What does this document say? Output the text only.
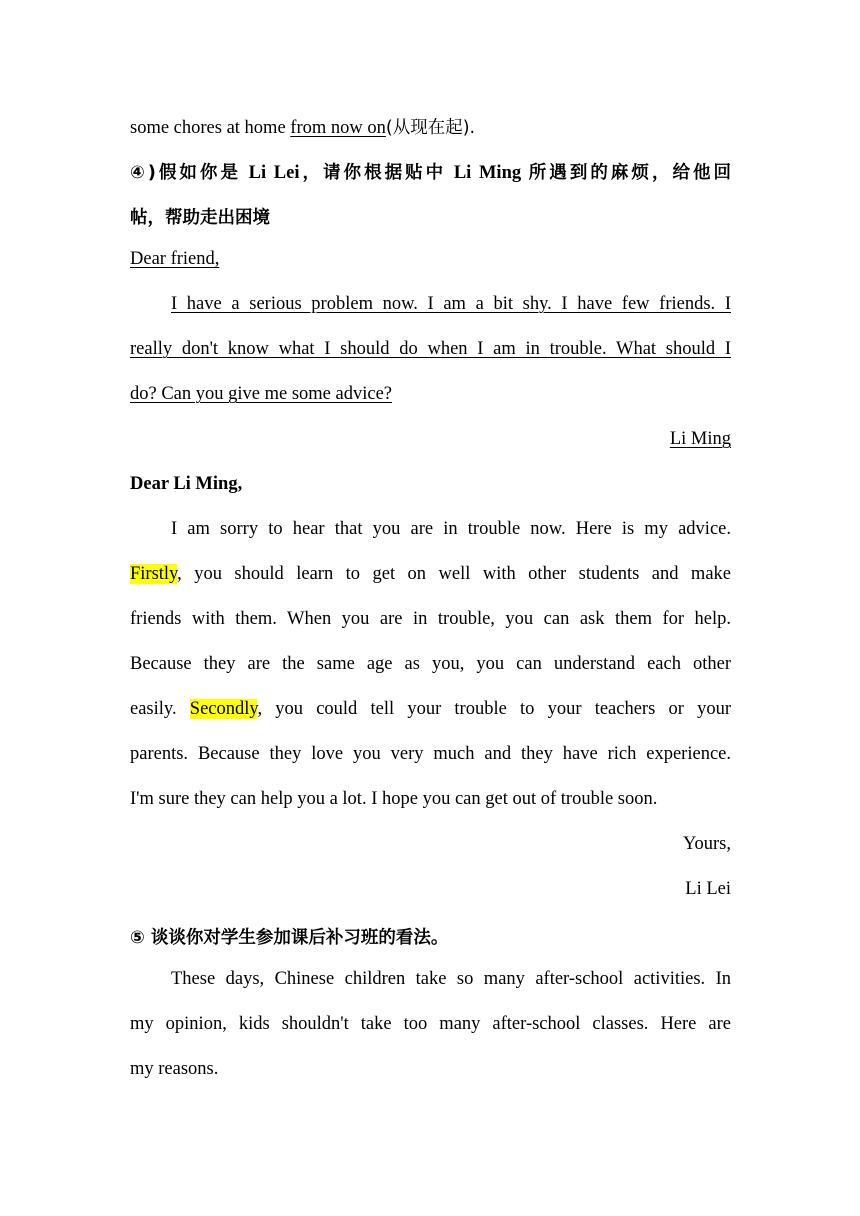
some chores at home from now on(从现在起).
④)假如你是 Li Lei，请你根据贴中 Li Ming 所遇到的麻烦，给他回
帖，帮助走出困境
Dear friend,
I have a serious problem now. I am a bit shy. I have few friends. I
really don't know what I should do when I am in trouble. What should I
do? Can you give me some advice?
Li Ming
Dear Li Ming,
I am sorry to hear that you are in trouble now. Here is my advice.
Firstly, you should learn to get on well with other students and make
friends with them. When you are in trouble, you can ask them for help.
Because they are the same age as you, you can understand each other
easily. Secondly, you could tell your trouble to your teachers or your
parents. Because they love you very much and they have rich experience.
I'm sure they can help you a lot. I hope you can get out of trouble soon.
Yours,
Li Lei
⑤ 谈谈你对学生参加课后补习班的看法。
These days, Chinese children take so many after-school activities. In
my opinion, kids shouldn't take too many after-school classes. Here are
my reasons.
